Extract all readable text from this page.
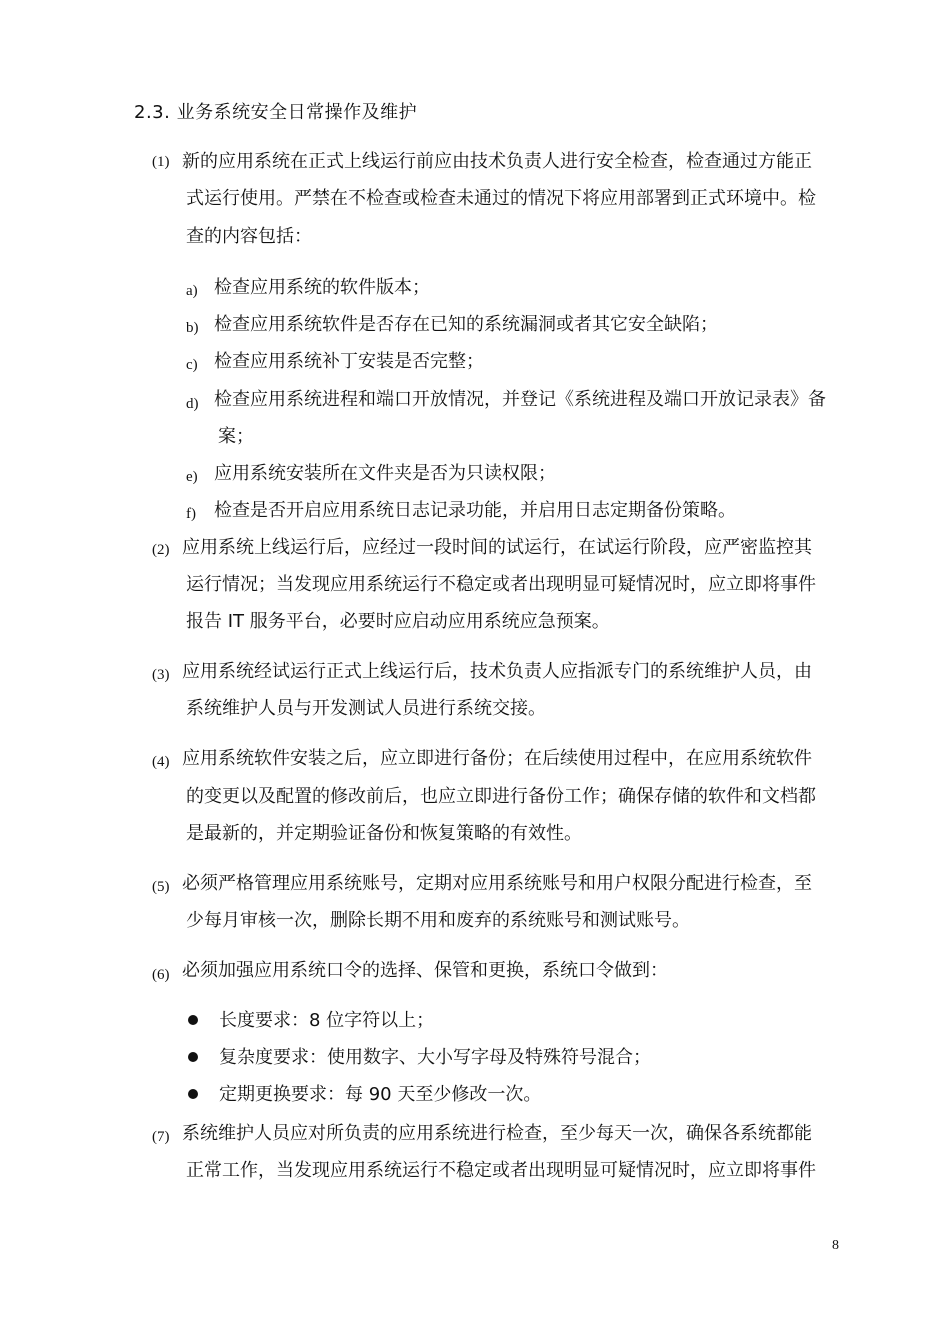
2.3. 业务系统安全日常操作及维护
(1) 新的应用系统在正式上线运行前应由技术负责人进行安全检查，检查通过方能正
式运行使用。严禁在不检查或检查未通过的情况下将应用部署到正式环境中。检
查的内容包括：
a) 检查应用系统的软件版本；
b) 检查应用系统软件是否存在已知的系统漏洞或者其它安全缺陷；
c) 检查应用系统补丁安装是否完整；
d) 检查应用系统进程和端口开放情况，并登记《系统进程及端口开放记录表》备
案；
e) 应用系统安装所在文件夹是否为只读权限；
f) 检查是否开启应用系统日志记录功能，并启用日志定期备份策略。
(2) 应用系统上线运行后，应经过一段时间的试运行，在试运行阶段，应严密监控其
运行情况；当发现应用系统运行不稳定或者出现明显可疑情况时，应立即将事件
报告 IT 服务平台，必要时应启动应用系统应急预案。
(3) 应用系统经试运行正式上线运行后，技术负责人应指派专门的系统维护人员，由
系统维护人员与开发测试人员进行系统交接。
(4) 应用系统软件安装之后，应立即进行备份；在后续使用过程中，在应用系统软件
的变更以及配置的修改前后，也应立即进行备份工作；确保存储的软件和文档都
是最新的，并定期验证备份和恢复策略的有效性。
(5) 必须严格管理应用系统账号，定期对应用系统账号和用户权限分配进行检查，至
少每月审核一次，删除长期不用和废弃的系统账号和测试账号。
(6) 必须加强应用系统口令的选择、保管和更换，系统口令做到：
长度要求：8 位字符以上；
复杂度要求：使用数字、大小写字母及特殊符号混合；
定期更换要求：每 90 天至少修改一次。
(7) 系统维护人员应对所负责的应用系统进行检查，至少每天一次，确保各系统都能
正常工作，当发现应用系统运行不稳定或者出现明显可疑情况时，应立即将事件
8
